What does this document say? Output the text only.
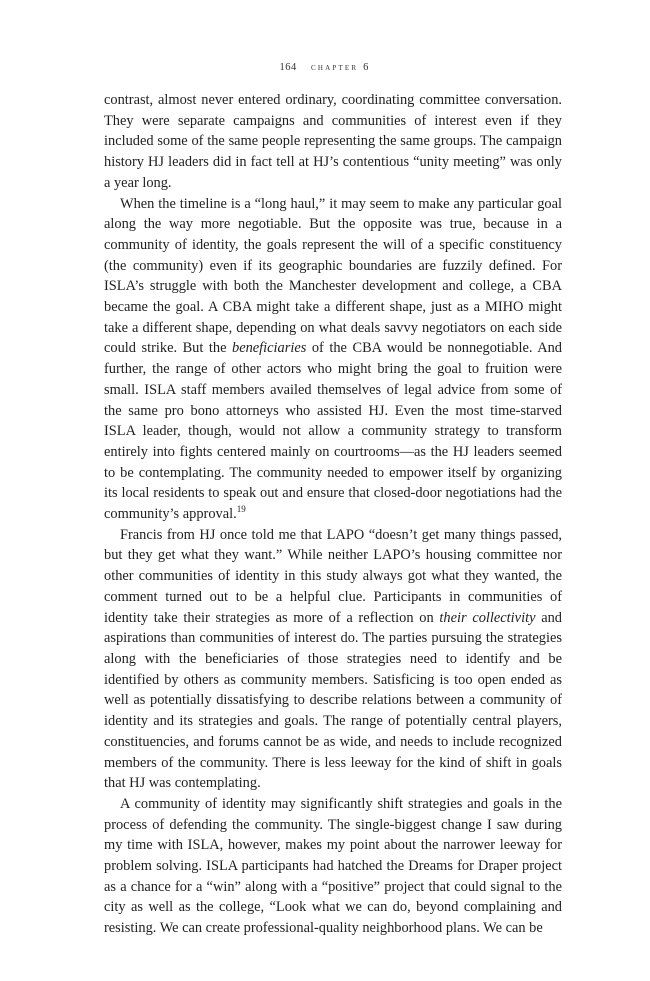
164 chapter 6

contrast, almost never entered ordinary, coordinating committee conversation. They were separate campaigns and communities of interest even if they included some of the same people representing the same groups. The campaign history HJ leaders did in fact tell at HJ’s contentious “unity meeting” was only a year long.

When the timeline is a “long haul,” it may seem to make any particular goal along the way more negotiable. But the opposite was true, because in a community of identity, the goals represent the will of a specific constituency (the community) even if its geographic boundaries are fuzzily defined. For ISLA’s struggle with both the Manchester development and college, a CBA became the goal. A CBA might take a different shape, just as a MIHO might take a different shape, depending on what deals savvy negotiators on each side could strike. But the beneficiaries of the CBA would be nonnegotiable. And further, the range of other actors who might bring the goal to fruition were small. ISLA staff members availed themselves of legal advice from some of the same pro bono attorneys who assisted HJ. Even the most time-starved ISLA leader, though, would not allow a community strategy to transform entirely into fights centered mainly on courtrooms—as the HJ leaders seemed to be contemplating. The community needed to empower itself by organizing its local residents to speak out and ensure that closed-door negotiations had the community’s approval.$^{19}$

Francis from HJ once told me that LAPO “doesn’t get many things passed, but they get what they want.” While neither LAPO’s housing committee nor other communities of identity in this study always got what they wanted, the comment turned out to be a helpful clue. Participants in communities of identity take their strategies as more of a reflection on their collectivity and aspirations than communities of interest do. The parties pursuing the strategies along with the beneficiaries of those strategies need to identify and be identified by others as community members. Satisficing is too open ended as well as potentially dissatisfying to describe relations between a community of identity and its strategies and goals. The range of potentially central players, constituencies, and forums cannot be as wide, and needs to include recognized members of the community. There is less leeway for the kind of shift in goals that HJ was contemplating.

A community of identity may significantly shift strategies and goals in the process of defending the community. The single-biggest change I saw during my time with ISLA, however, makes my point about the narrower leeway for problem solving. ISLA participants had hatched the Dreams for Draper project as a chance for a “win” along with a “positive” project that could signal to the city as well as the college, “Look what we can do, beyond complaining and resisting. We can create professional-quality neighborhood plans. We can be
